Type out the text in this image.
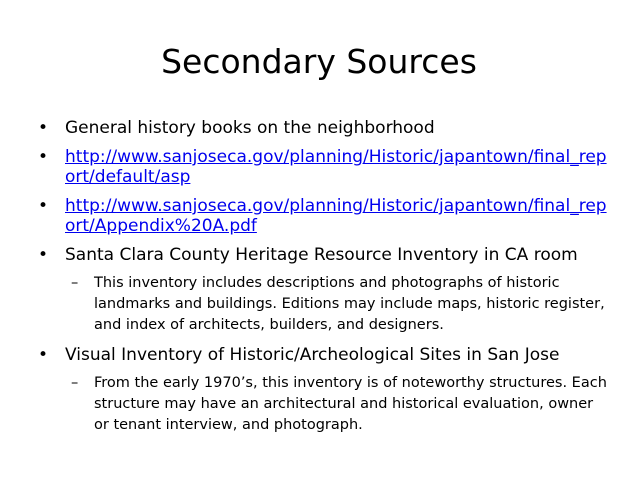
Secondary Sources
• General history books on the neighborhood
• http://www.sanjoseca.gov/planning/Historic/japantown/final_report/default/asp
• http://www.sanjoseca.gov/planning/Historic/japantown/final_report/Appendix%20A.pdf
• Santa Clara County Heritage Resource Inventory in CA room
– This inventory includes descriptions and photographs of historic landmarks and buildings. Editions may include maps, historic register, and index of architects, builders, and designers.
• Visual Inventory of Historic/Archeological Sites in San Jose
– From the early 1970’s, this inventory is of noteworthy structures. Each structure may have an architectural and historical evaluation, owner or tenant interview, and photograph.
